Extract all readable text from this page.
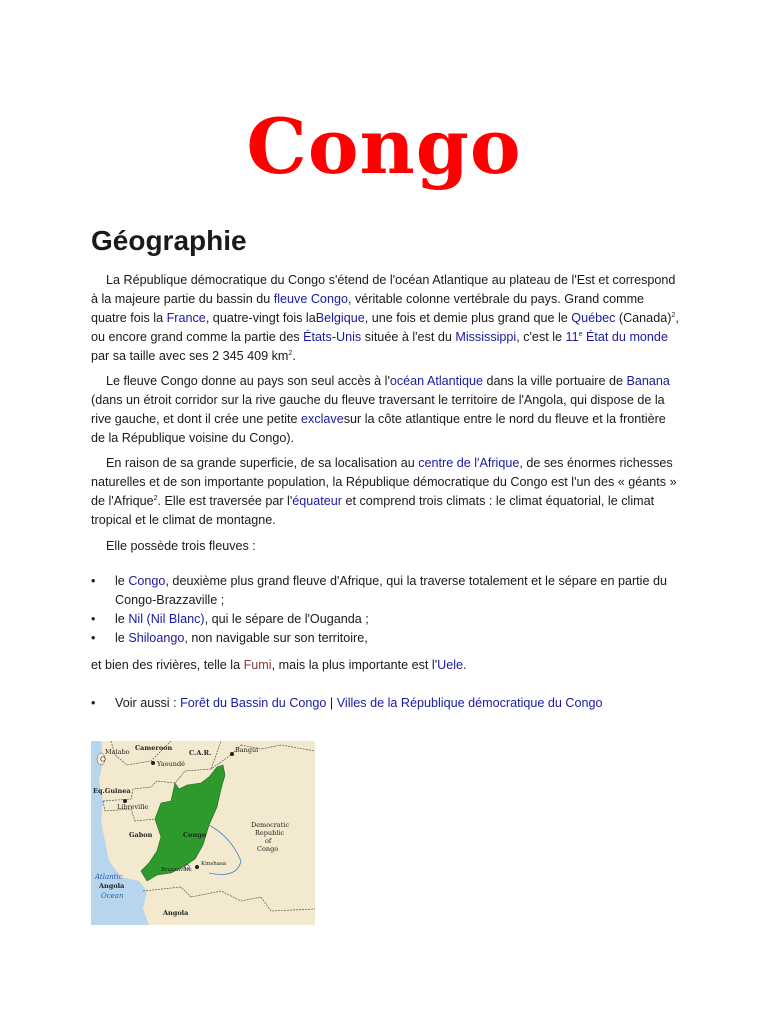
Congo
Géographie

La République démocratique du Congo s'étend de l'océan Atlantique au plateau de l'Est et correspond à la majeure partie du bassin du fleuve Congo, véritable colonne vertébrale du pays. Grand comme quatre fois la France, quatre-vingt fois laBelgique, une fois et demie plus grand que le Québec (Canada)$^2$, ou encore grand comme la partie des États-Unis située à l'est du Mississippi, c'est le 11e État du monde par sa taille avec ses 2 345 409 $km^2$.

Le fleuve Congo donne au pays son seul accès à l'océan Atlantique dans la ville portuaire de Banana (dans un étroit corridor sur la rive gauche du fleuve traversant le territoire de l'Angola, qui dispose de la rive gauche, et dont il crée une petite exclavesur la côte atlantique entre le nord du fleuve et la frontière de la République voisine du Congo).

En raison de sa grande superficie, de sa localisation au centre de l'Afrique, de ses énormes richesses naturelles et de son importante population, la République démocratique du Congo est l'un des « géants » de l'Afrique$^2$. Elle est traversée par l'équateur et comprend trois climats : le climat équatorial, le climat tropical et le climat de montagne.

Elle possède trois fleuves :

•	le Congo, deuxième plus grand fleuve d'Afrique, qui la traverse totalement et le sépare en partie du Congo-Brazzaville ;
•	le Nil (Nil Blanc), qui le sépare de l'Ouganda ;
•	le Shiloango, non navigable sur son territoire,

et bien des rivières, telle la Fumi, mais la plus importante est l'Uele.

•	Voir aussi : Forêt du Bassin du Congo | Villes de la République démocratique du Congo
Malabo Cameroon
C.A.R.
Yaoundé
Bangui
Eq.Guinea
Libreville
Gabon	Congo
Democratic
Republic
of
Congo
Brazzaville
Kinshasa
Atlantic
Angola
Ocean
Angola
